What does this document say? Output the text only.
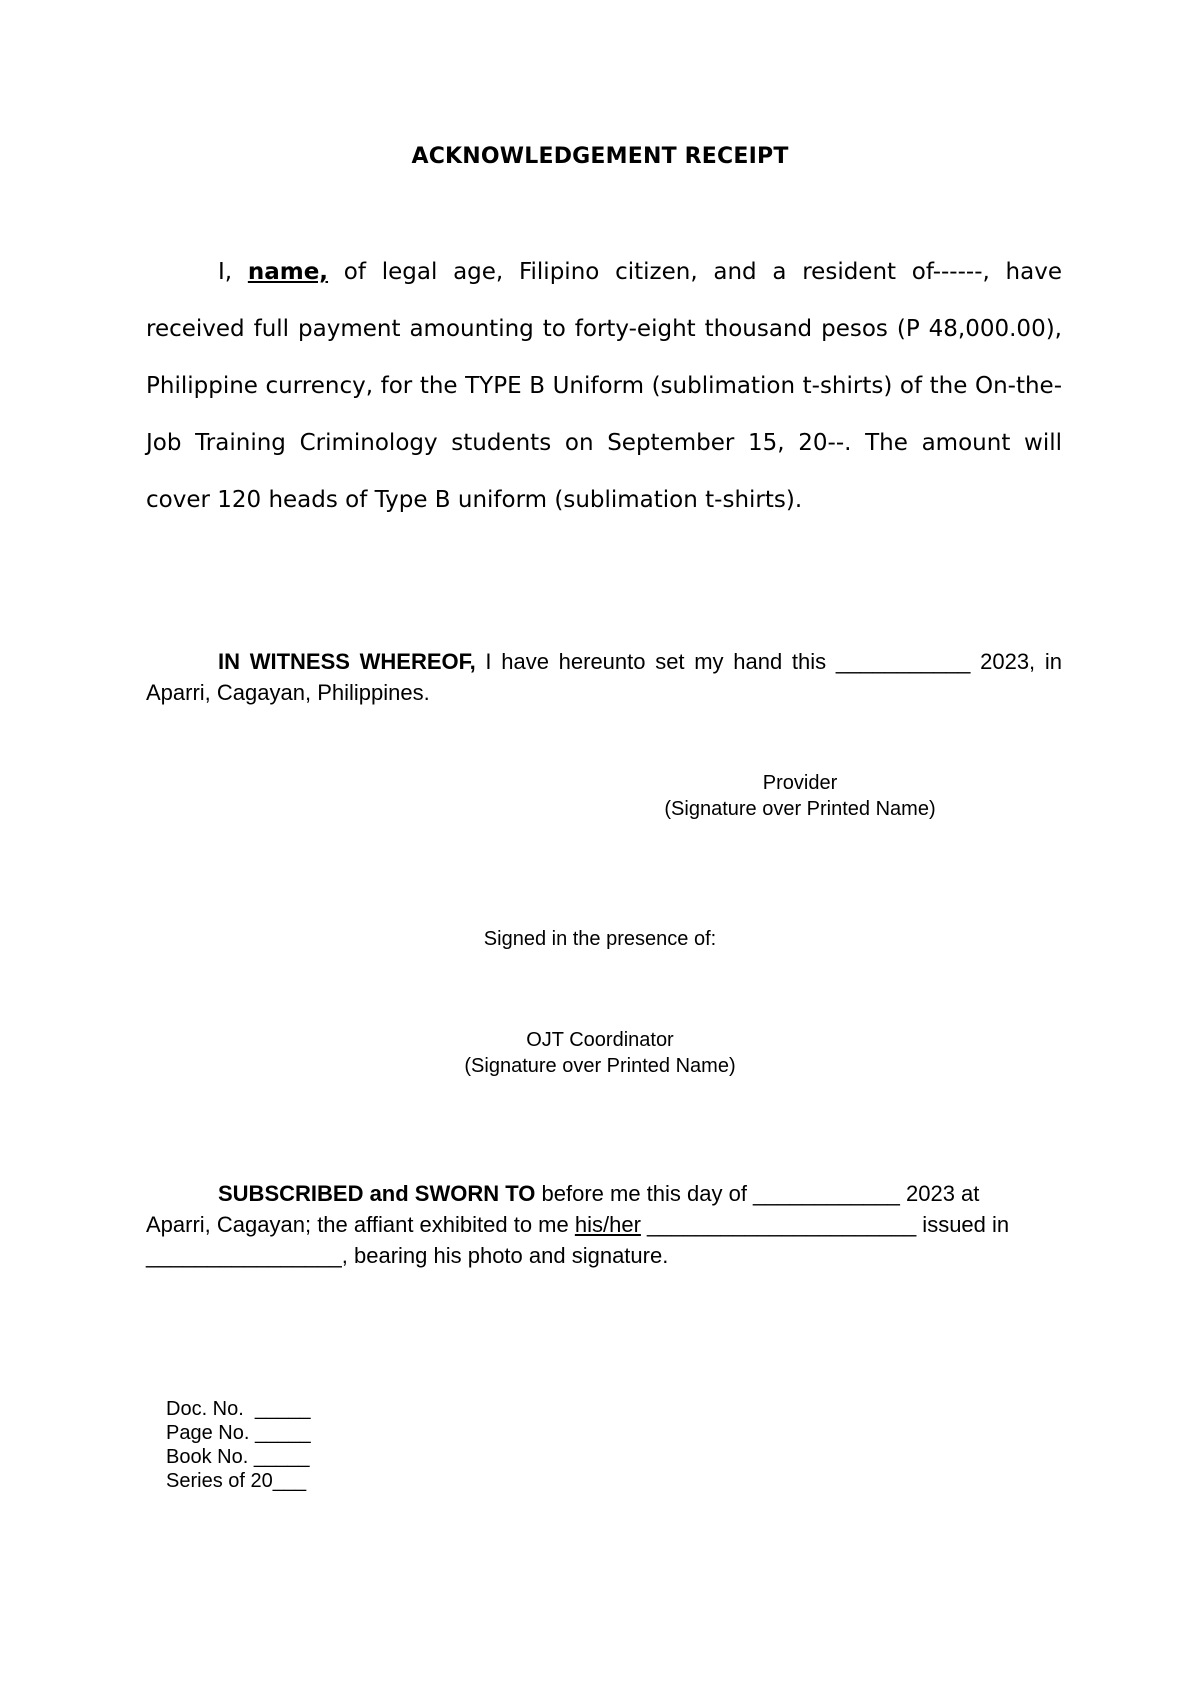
ACKNOWLEDGEMENT RECEIPT

I, name, of legal age, Filipino citizen, and a resident of------, have received full payment amounting to forty-eight thousand pesos (P 48,000.00), Philippine currency, for the TYPE B Uniform (sublimation t-shirts) of the On-the-Job Training Criminology students on September 15, 20--. The amount will cover 120 heads of Type B uniform (sublimation t-shirts).

IN WITNESS WHEREOF, I have hereunto set my hand this ___________ 2023, in Aparri, Cagayan, Philippines.

Provider
(Signature over Printed Name)
Signed in the presence of:
OJT Coordinator
(Signature over Printed Name)

SUBSCRIBED and SWORN TO before me this day of ____________ 2023 at Aparri, Cagayan; the affiant exhibited to me his/her ______________________ issued in ________________, bearing his photo and signature.

Doc. No.  _____
Page No. _____
Book No. _____
Series of 20___
